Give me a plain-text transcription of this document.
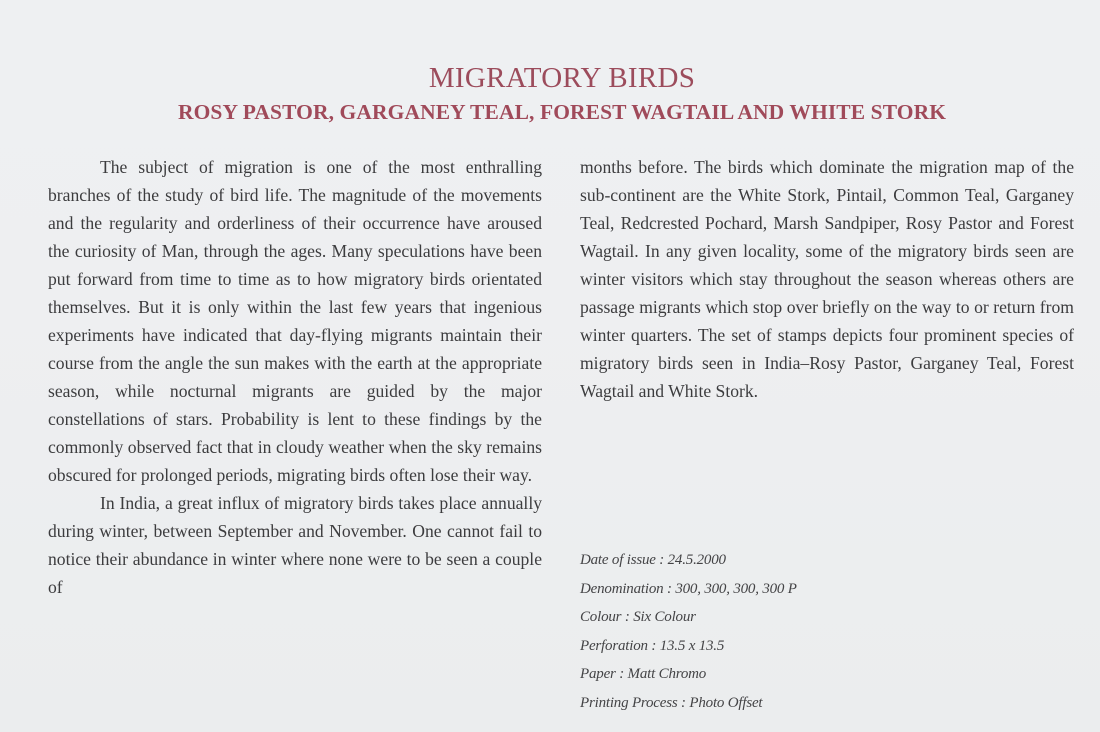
MIGRATORY BIRDS
ROSY PASTOR, GARGANEY TEAL, FOREST WAGTAIL AND WHITE STORK

The subject of migration is one of the most enthralling branches of the study of bird life. The magnitude of the movements and the regularity and orderliness of their occurrence have aroused the curiosity of Man, through the ages. Many speculations have been put forward from time to time as to how migratory birds orientated themselves. But it is only within the last few years that ingenious experiments have indicated that day-flying migrants maintain their course from the angle the sun makes with the earth at the appropriate season, while nocturnal migrants are guided by the major constellations of stars. Probability is lent to these findings by the commonly observed fact that in cloudy weather when the sky remains obscured for prolonged periods, migrating birds often lose their way.

In India, a great influx of migratory birds takes place annually during winter, between September and November. One cannot fail to notice their abundance in winter where none were to be seen a couple of

months before. The birds which dominate the migration map of the sub-continent are the White Stork, Pintail, Common Teal, Garganey Teal, Redcrested Pochard, Marsh Sandpiper, Rosy Pastor and Forest Wagtail. In any given locality, some of the migratory birds seen are winter visitors which stay throughout the season whereas others are passage migrants which stop over briefly on the way to or return from winter quarters. The set of stamps depicts four prominent species of migratory birds seen in India–Rosy Pastor, Garganey Teal, Forest Wagtail and White Stork.

Date of issue : 24.5.2000
Denomination : 300, 300, 300, 300 P
Colour : Six Colour
Perforation : 13.5 x 13.5
Paper : Matt Chromo
Printing Process : Photo Offset
